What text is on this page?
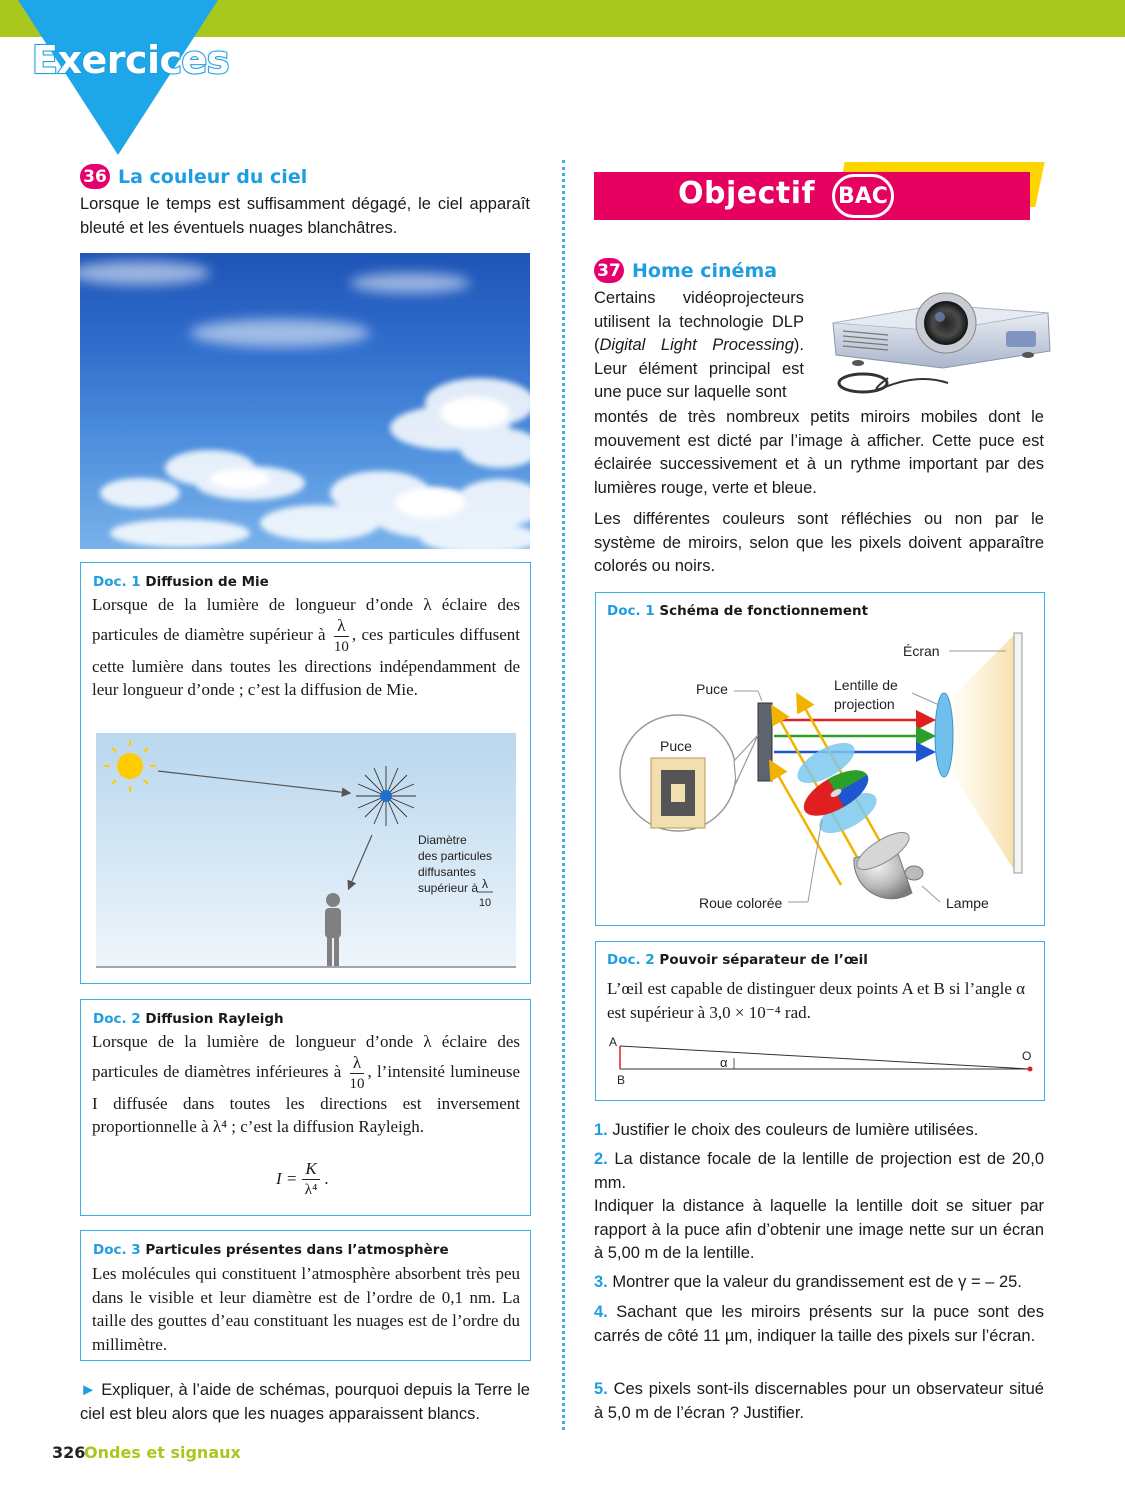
Exercices
36 La couleur du ciel
Lorsque le temps est suffisamment dégagé, le ciel apparaît bleuté et les éventuels nuages blanchâtres.
Doc. 1 Diffusion de Mie
Lorsque de la lumière de longueur d’onde λ éclaire des particules de diamètre supérieur à $\frac{\lambda}{10}$ , ces particules diffusent cette lumière dans toutes les directions indépendamment de leur longueur d’onde ; c’est la diffusion de Mie.
Diamètre
des particules
diffusantes
supérieur à λ
10
Doc. 2 Diffusion Rayleigh
Lorsque de la lumière de longueur d’onde λ éclaire des particules de diamètres inférieures à $\frac{\lambda}{10}$ , l’intensité lumineuse I diffusée dans toutes les directions est inversement proportionnelle à λ⁴ ; c’est la diffusion Rayleigh.
$I = \frac{K}{\text{λ⁴}}$ .
Doc. 3 Particules présentes dans l’atmosphère
Les molécules qui constituent l’atmosphère absorbent très peu dans le visible et leur diamètre est de l’ordre de 0,1 nm. La taille des gouttes d’eau constituant les nuages est de l’ordre du millimètre.
► Expliquer, à l’aide de schémas, pourquoi depuis la Terre le ciel est bleu alors que les nuages apparaissent blancs.
Objectif BAC
37 Home cinéma
Certains vidéoprojecteurs utilisent la technologie DLP (Digital Light Processing). Leur élément principal est une puce sur laquelle sont
montés de très nombreux petits miroirs mobiles dont le mouvement est dicté par l’image à afficher. Cette puce est éclairée successivement et à un rythme important par des lumières rouge, verte et bleue.
Les différentes couleurs sont réfléchies ou non par le système de miroirs, selon que les pixels doivent apparaître colorés ou noirs.
Doc. 1 Schéma de fonctionnement
Écran
Puce	Lentille de
projection
Puce
Roue colorée	Lampe
Doc. 2 Pouvoir séparateur de l’œil
L’œil est capable de distinguer deux points A et B si l’angle α est supérieur à 3,0 × 10⁻⁴ rad.
A
B
O
α
1. Justifier le choix des couleurs de lumière utilisées.
2. La distance focale de la lentille de projection est de 20,0 mm.
Indiquer la distance à laquelle la lentille doit se situer par rapport à la puce afin d’obtenir une image nette sur un écran à 5,00 m de la lentille.
3. Montrer que la valeur du grandissement est de γ = – 25.
4. Sachant que les miroirs présents sur la puce sont des carrés de côté 11 µm, indiquer la taille des pixels sur l’écran.
5. Ces pixels sont-ils discernables pour un observateur situé à 5,0 m de l’écran ? Justifier.
326
Ondes et signaux
